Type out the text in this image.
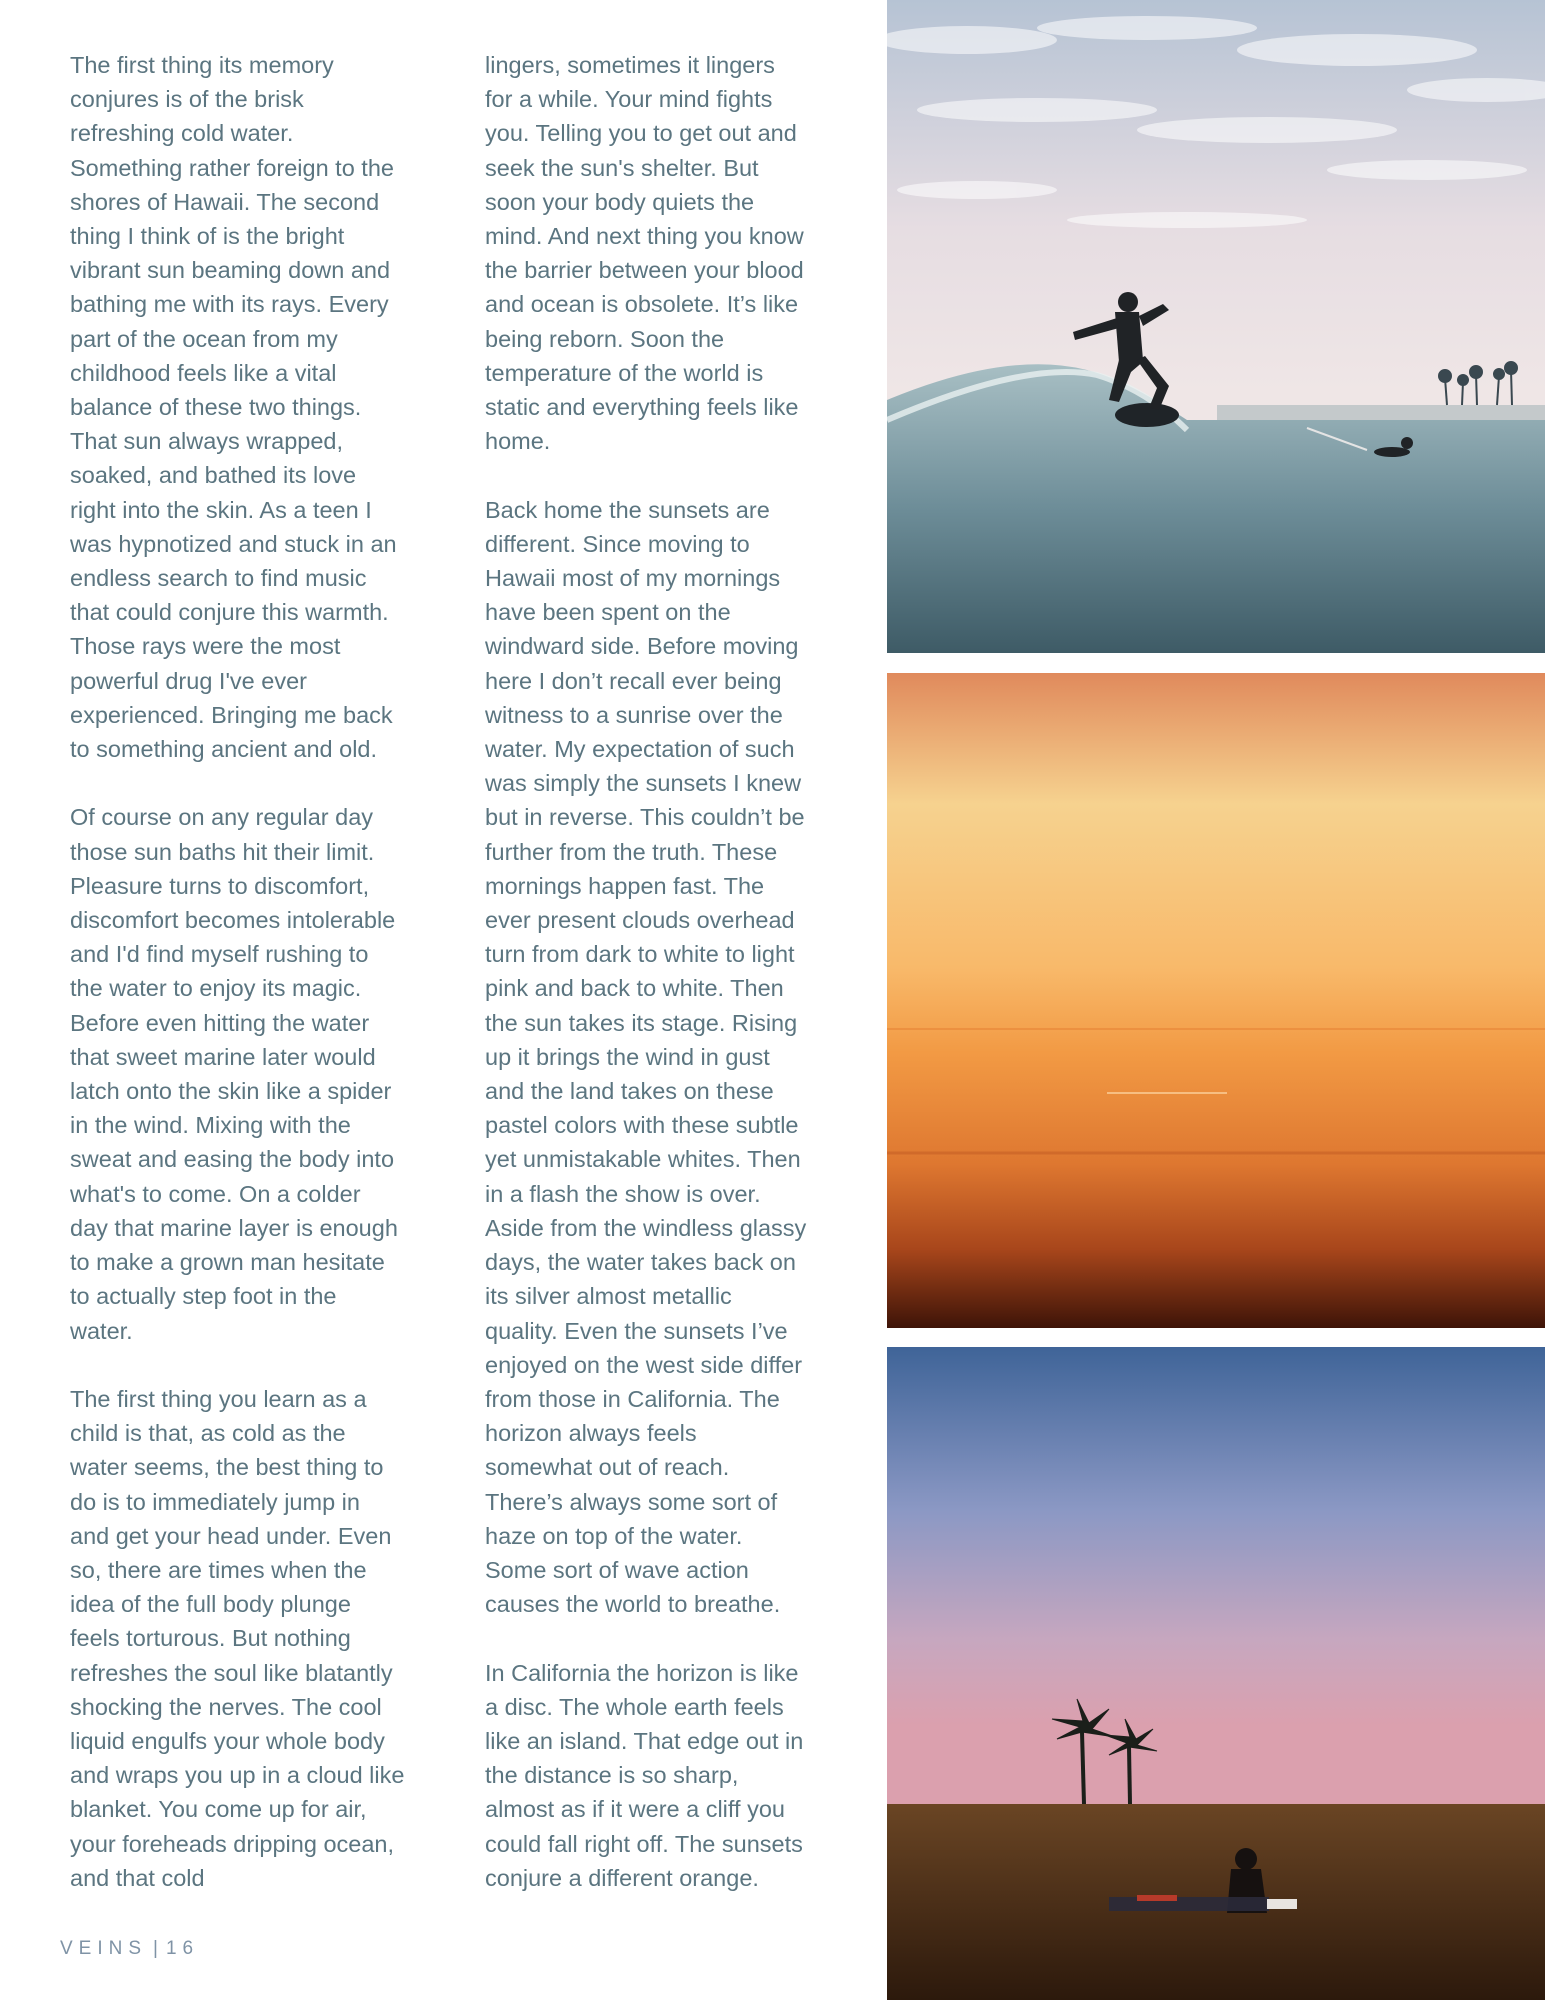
The first thing its memory
conjures is of the brisk
refreshing cold water.
Something rather foreign to the
shores of Hawaii. The second
thing I think of is the bright
vibrant sun beaming down and
bathing me with its rays. Every
part of the ocean from my
childhood feels like a vital
balance of these two things.
That sun always wrapped,
soaked, and bathed its love
right into the skin. As a teen I
was hypnotized and stuck in an
endless search to find music
that could conjure this warmth.
Those rays were the most
powerful drug I've ever
experienced. Bringing me back
to something ancient and old.

Of course on any regular day
those sun baths hit their limit.
Pleasure turns to discomfort,
discomfort becomes intolerable
and I'd find myself rushing to
the water to enjoy its magic.
Before even hitting the water
that sweet marine later would
latch onto the skin like a spider
in the wind. Mixing with the
sweat and easing the body into
what's to come. On a colder
day that marine layer is enough
to make a grown man hesitate
to actually step foot in the
water.

The first thing you learn as a
child is that, as cold as the
water seems, the best thing to
do is to immediately jump in
and get your head under. Even
so, there are times when the
idea of the full body plunge
feels torturous. But nothing
refreshes the soul like blatantly
shocking the nerves. The cool
liquid engulfs your whole body
and wraps you up in a cloud like
blanket. You come up for air,
your foreheads dripping ocean,
and that cold

lingers, sometimes it lingers
for a while. Your mind fights
you. Telling you to get out and
seek the sun's shelter. But
soon your body quiets the
mind. And next thing you know
the barrier between your blood
and ocean is obsolete. It’s like
being reborn. Soon the
temperature of the world is
static and everything feels like
home.

Back home the sunsets are
different. Since moving to
Hawaii most of my mornings
have been spent on the
windward side. Before moving
here I don’t recall ever being
witness to a sunrise over the
water. My expectation of such
was simply the sunsets I knew
but in reverse. This couldn’t be
further from the truth. These
mornings happen fast. The
ever present clouds overhead
turn from dark to white to light
pink and back to white. Then
the sun takes its stage. Rising
up it brings the wind in gust
and the land takes on these
pastel colors with these subtle
yet unmistakable whites. Then
in a flash the show is over.
Aside from the windless glassy
days, the water takes back on
its silver almost metallic
quality. Even the sunsets I’ve
enjoyed on the west side differ
from those in California. The
horizon always feels
somewhat out of reach.
There’s always some sort of
haze on top of the water.
Some sort of wave action
causes the world to breathe.

In California the horizon is like
a disc. The whole earth feels
like an island. That edge out in
the distance is so sharp,
almost as if it were a cliff you
could fall right off. The sunsets
conjure a different orange.

VEINS | 16
